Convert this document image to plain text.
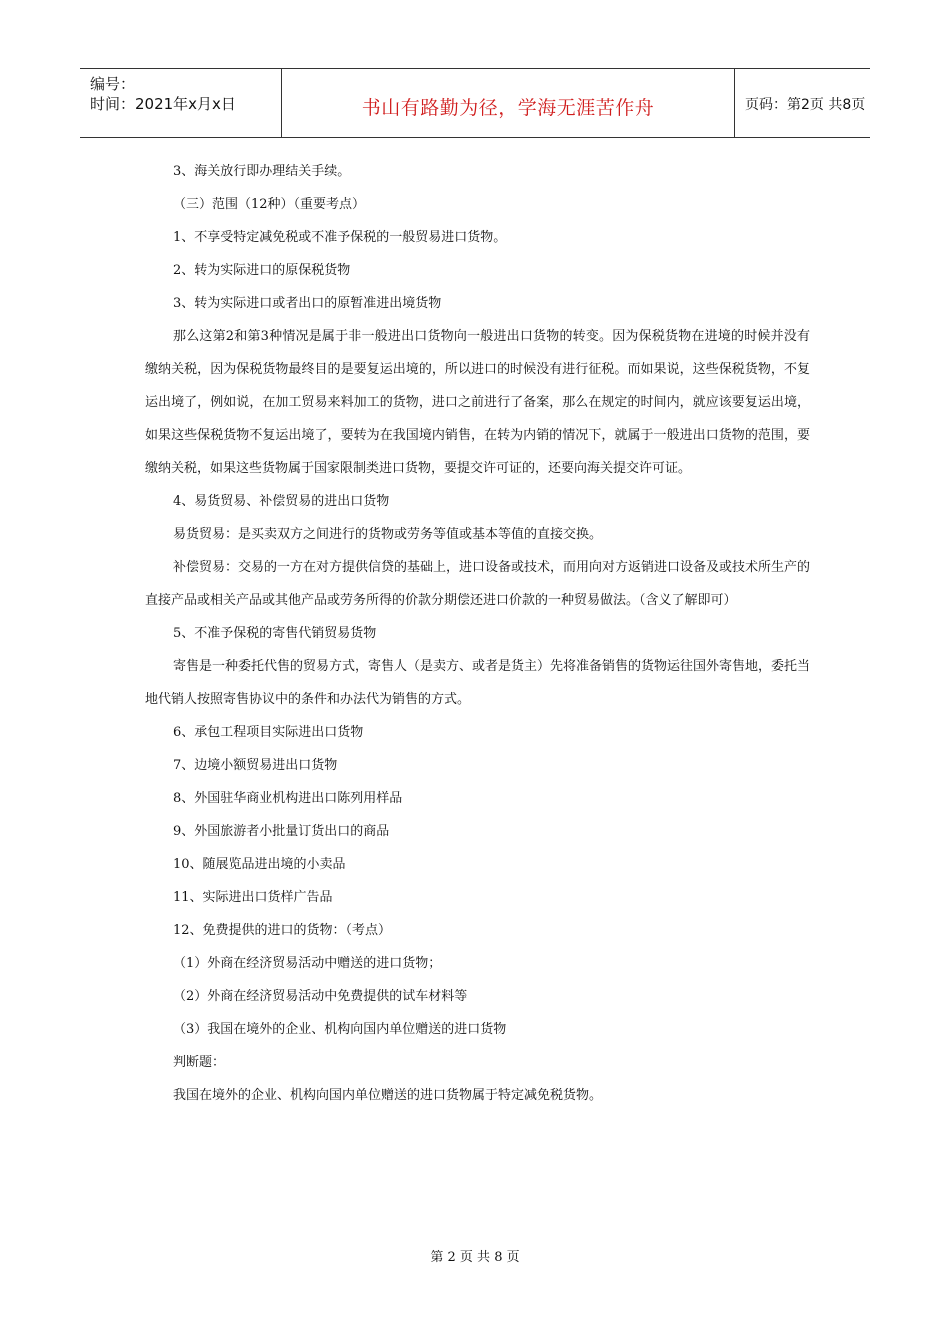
编号：
时间：2021年x月x日	书山有路勤为径，学海无涯苦作舟	页码：第2页 共8页

3、海关放行即办理结关手续。

（三）范围（12种）（重要考点）

1、不享受特定减免税或不准予保税的一般贸易进口货物。

2、转为实际进口的原保税货物

3、转为实际进口或者出口的原暂准进出境货物

那么这第2和第3种情况是属于非一般进出口货物向一般进出口货物的转变。因为保税货物在进境的时候并没有缴纳关税，因为保税货物最终目的是要复运出境的，所以进口的时候没有进行征税。而如果说，这些保税货物，不复运出境了，例如说，在加工贸易来料加工的货物，进口之前进行了备案，那么在规定的时间内，就应该要复运出境，如果这些保税货物不复运出境了，要转为在我国境内销售，在转为内销的情况下，就属于一般进出口货物的范围，要缴纳关税，如果这些货物属于国家限制类进口货物，要提交许可证的，还要向海关提交许可证。

4、易货贸易、补偿贸易的进出口货物

易货贸易：是买卖双方之间进行的货物或劳务等值或基本等值的直接交换。

补偿贸易：交易的一方在对方提供信贷的基础上，进口设备或技术，而用向对方返销进口设备及或技术所生产的直接产品或相关产品或其他产品或劳务所得的价款分期偿还进口价款的一种贸易做法。（含义了解即可）

5、不准予保税的寄售代销贸易货物

寄售是一种委托代售的贸易方式，寄售人（是卖方、或者是货主）先将准备销售的货物运往国外寄售地，委托当地代销人按照寄售协议中的条件和办法代为销售的方式。

6、承包工程项目实际进出口货物

7、边境小额贸易进出口货物

8、外国驻华商业机构进出口陈列用样品

9、外国旅游者小批量订货出口的商品

10、随展览品进出境的小卖品

11、实际进出口货样广告品

12、免费提供的进口的货物：（考点）

（1）外商在经济贸易活动中赠送的进口货物；

（2）外商在经济贸易活动中免费提供的试车材料等

（3）我国在境外的企业、机构向国内单位赠送的进口货物

判断题：

我国在境外的企业、机构向国内单位赠送的进口货物属于特定减免税货物。

第 2 页 共 8 页
